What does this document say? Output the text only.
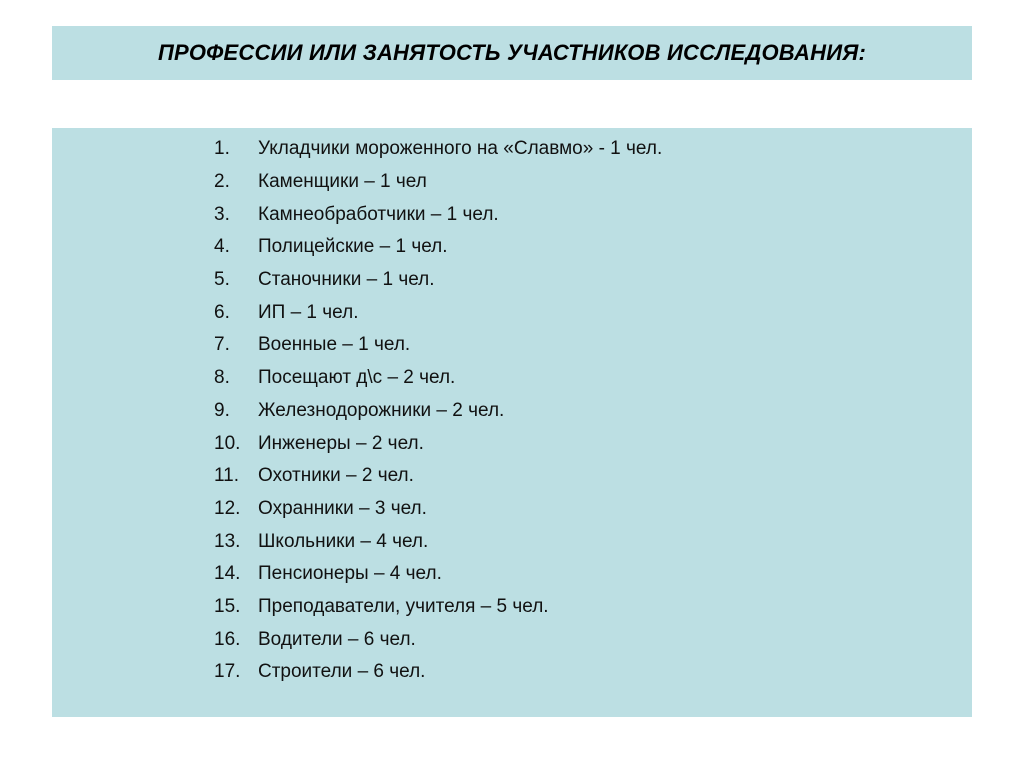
ПРОФЕССИИ ИЛИ ЗАНЯТОСТЬ УЧАСТНИКОВ ИССЛЕДОВАНИЯ:
1.	Укладчики мороженного на «Славмо» - 1 чел.
2.	Каменщики – 1 чел
3.	Камнеобработчики – 1 чел.
4.	Полицейские – 1 чел.
5.	Станочники – 1 чел.
6.	ИП – 1 чел.
7.	Военные – 1 чел.
8.	Посещают д\с – 2 чел.
9.	Железнодорожники – 2 чел.
10. Инженеры – 2 чел.
11. Охотники – 2 чел.
12. Охранники – 3 чел.
13. Школьники – 4 чел.
14. Пенсионеры – 4 чел.
15. Преподаватели, учителя – 5 чел.
16. Водители – 6 чел.
17. Строители – 6 чел.
